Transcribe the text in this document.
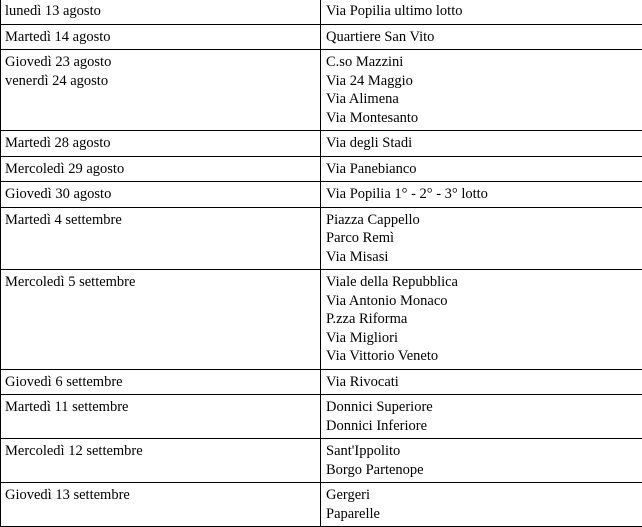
lunedì 13 agosto	Via Popilia ultimo lotto

Martedì 14 agosto	Quartiere San Vito

Giovedì 23 agosto
venerdì 24 agosto	C.so Mazzini
Via 24 Maggio
Via Alimena
Via Montesanto

Martedì 28 agosto	Via degli Stadi

Mercoledì 29 agosto	Via Panebianco

Giovedì 30 agosto	Via Popilia 1° - 2° - 3° lotto

Martedì 4 settembre	Piazza Cappello
Parco Remì
Via Misasi

Mercoledì 5 settembre	Viale della Repubblica
Via Antonio Monaco
P.zza Riforma
Via Migliori
Via Vittorio Veneto

Giovedì 6 settembre	Via Rivocati

Martedì 11 settembre	Donnici Superiore
Donnici Inferiore

Mercoledì 12 settembre	Sant'Ippolito
Borgo Partenope

Giovedì 13 settembre	Gergeri
Paparelle
